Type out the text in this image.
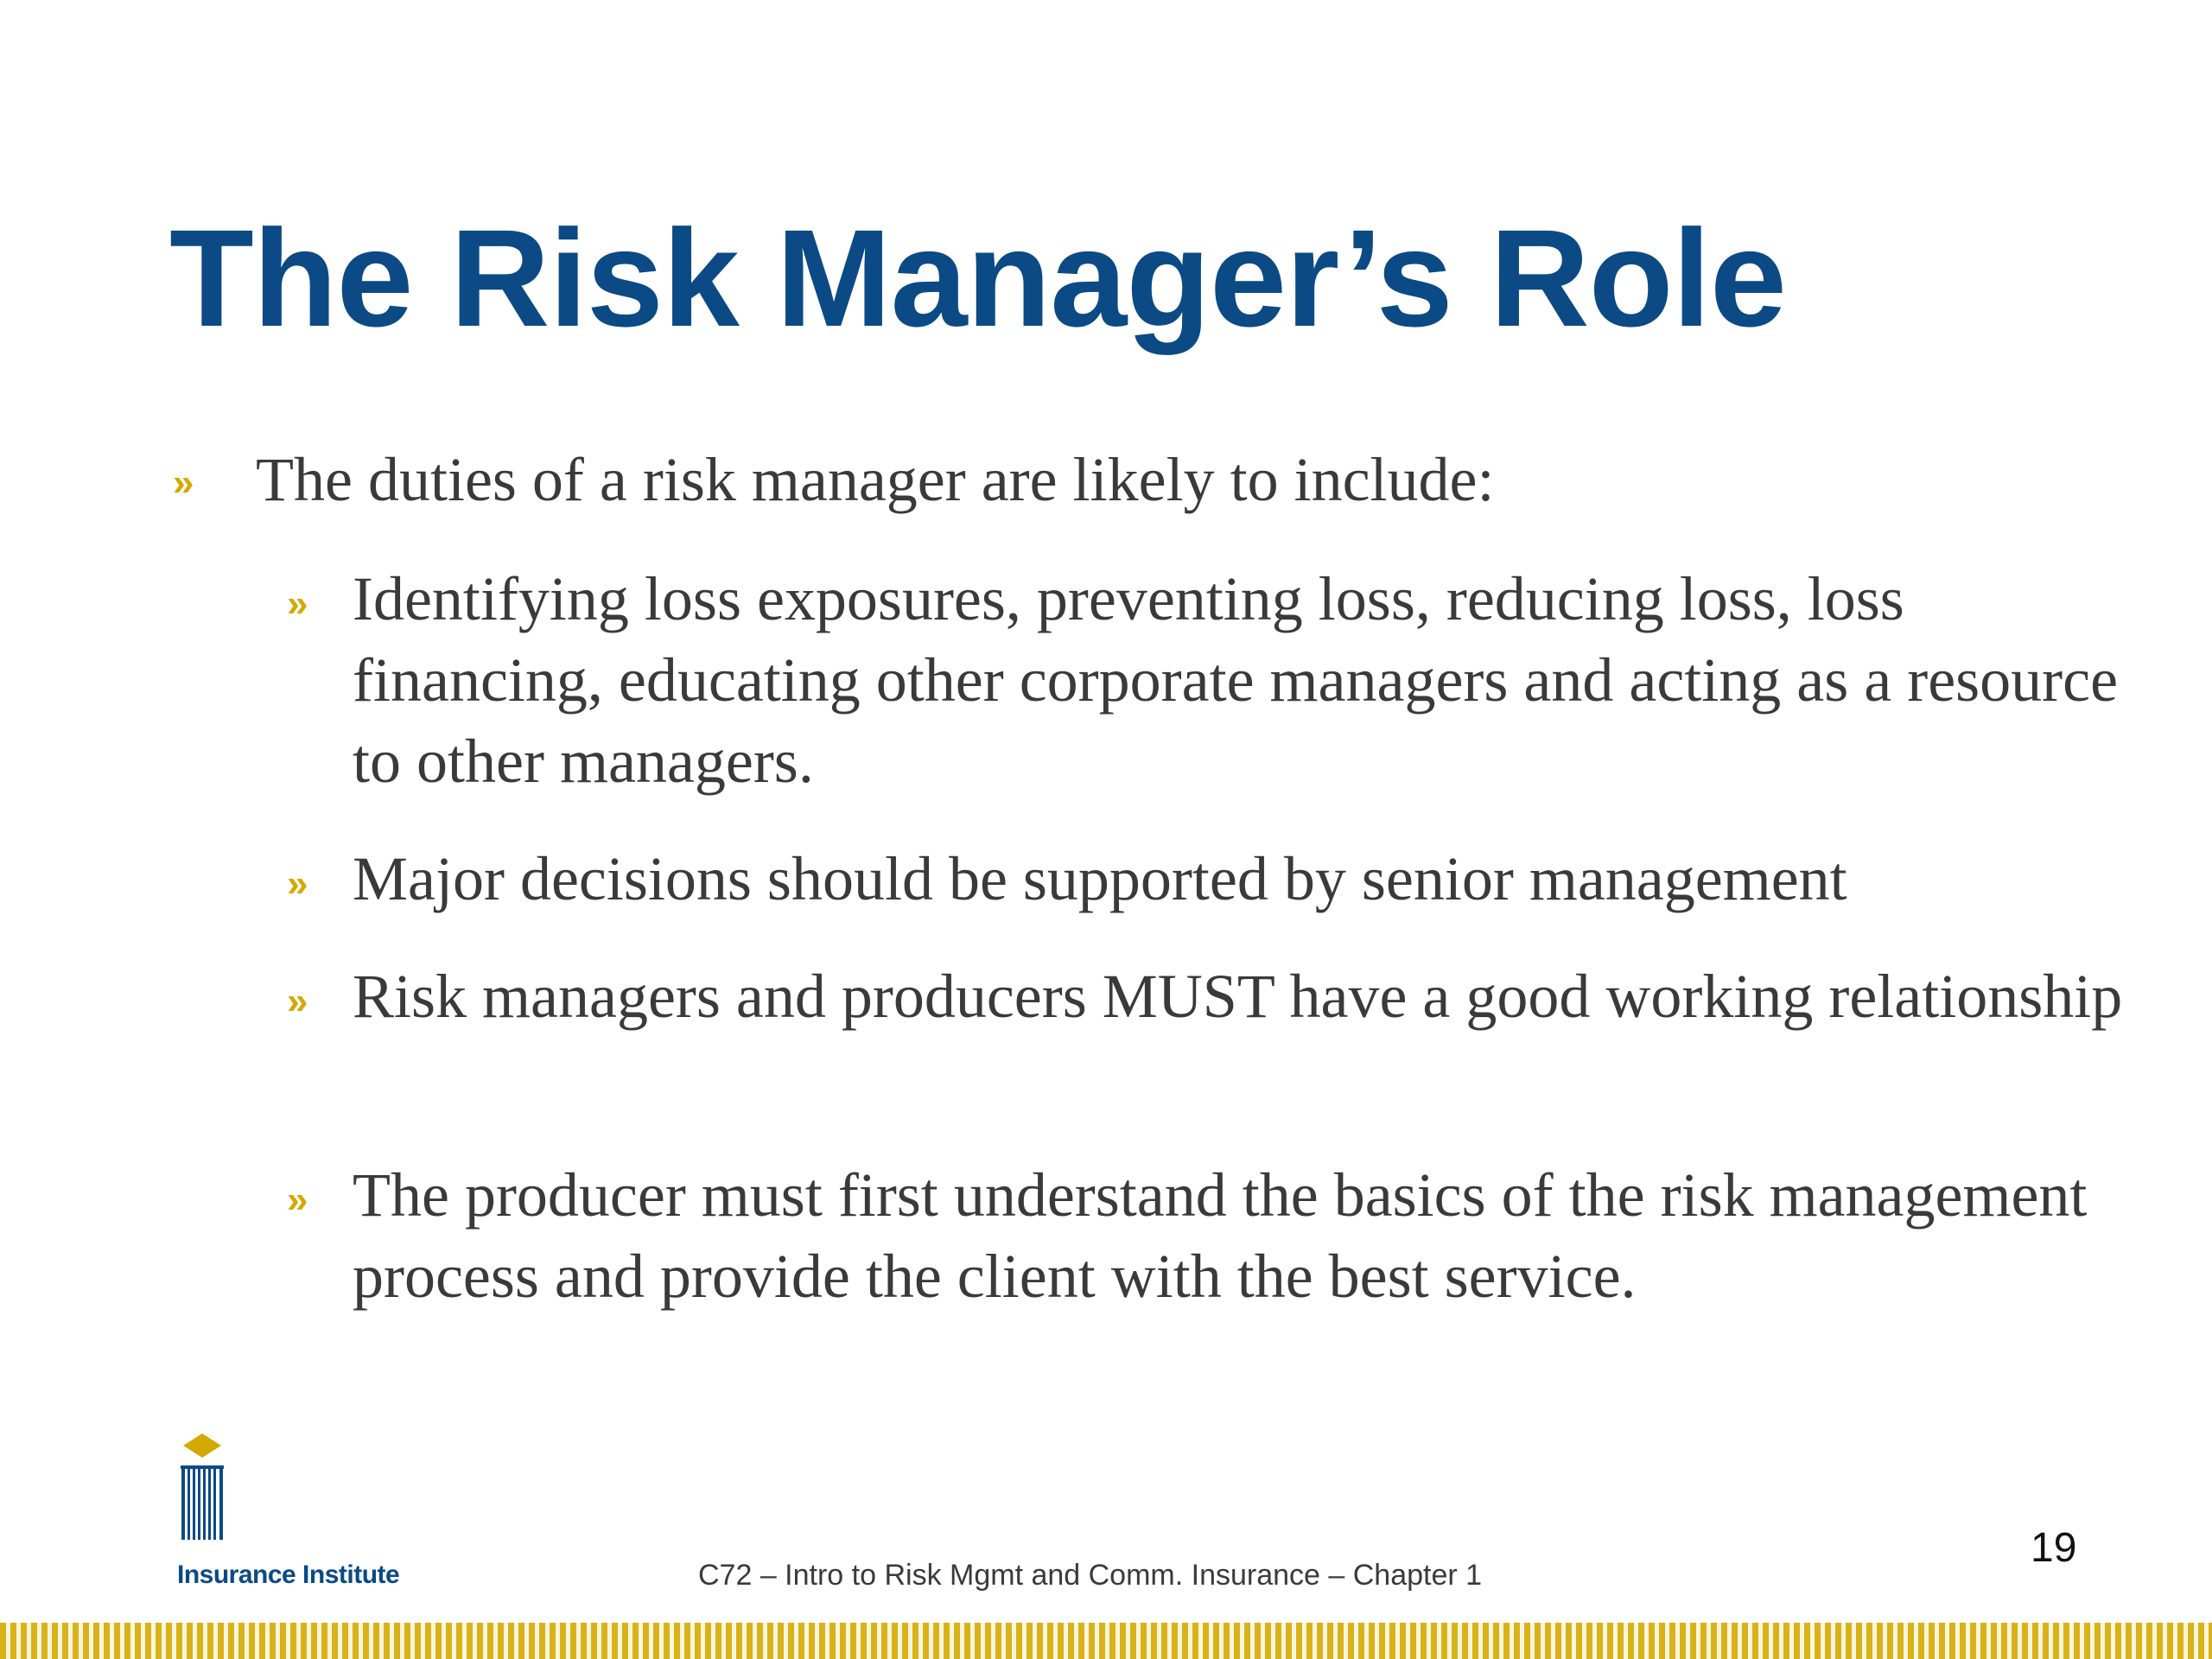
The Risk Manager’s Role
» The duties of a risk manager are likely to include:
» Identifying loss exposures, preventing loss, reducing loss, loss financing, educating other corporate managers and acting as a resource to other managers.
» Major decisions should be supported by senior management
» Risk managers and producers MUST have a good working relationship
» The producer must first understand the basics of the risk management process and provide the client with the best service.
Insurance Institute	C72 – Intro to Risk Mgmt and Comm. Insurance – Chapter 1
19
